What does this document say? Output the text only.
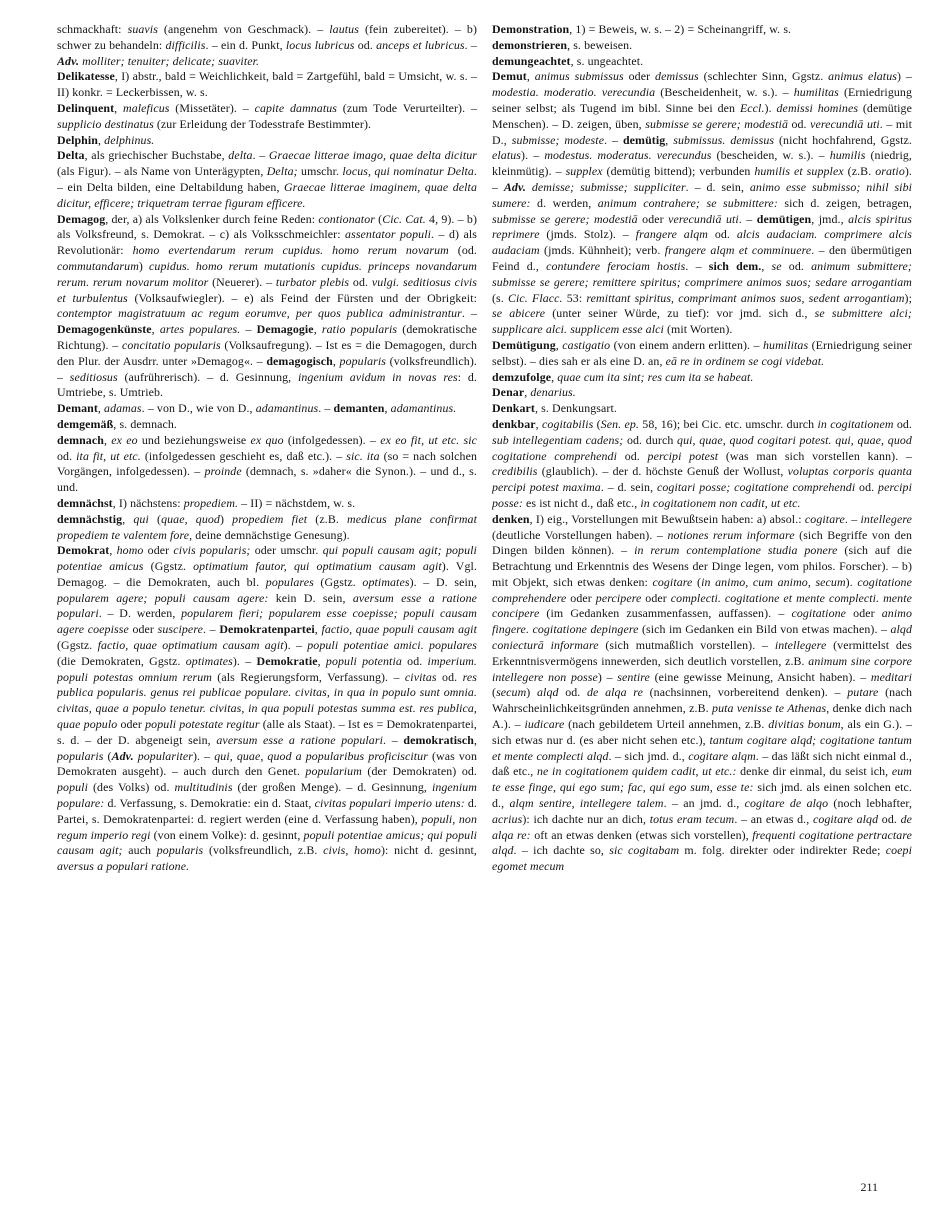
schmackhaft: suavis (angenehm von Geschmack). – lautus (fein zubereitet). – b) schwer zu behandeln: difficilis. – ein d. Punkt, locus lubricus od. anceps et lubricus. – Adv. molliter; tenuiter; delicate; suaviter.

Delikatesse, I) abstr., bald = Weichlichkeit, bald = Zartgefühl, bald = Umsicht, w. s. – II) konkr. = Leckerbissen, w. s.

Delinquent, maleficus (Missetäter). – capite damnatus (zum Tode Verurteilter). – supplicio destinatus (zur Erleidung der Todesstrafe Bestimmter).

Delphin, delphinus.

Delta, als griechischer Buchstabe, delta. – Graecae litterae imago, quae delta dicitur (als Figur). – als Name von Unterägypten, Delta; umschr. locus, qui nominatur Delta. – ein Delta bilden, eine Deltabildung haben, Graecae litterae imaginem, quae delta dicitur, efficere; triquetram terrae figuram efficere.

Demagog, der, a) als Volkslenker durch feine Reden: contionator (Cic. Cat. 4, 9). – b) als Volksfreund, s. Demokrat. – c) als Volksschmeichler: assentator populi. – d) als Revolutionär: homo evertendarum rerum cupidus. homo rerum novarum (od. commutandarum) cupidus. homo rerum mutationis cupidus. princeps novandarum rerum. rerum novarum molitor (Neuerer). – turbator plebis od. vulgi. seditiosus civis et turbulentus (Volksaufwiegler). – e) als Feind der Fürsten und der Obrigkeit: contemptor magistratuum ac regum eorumve, per quos publica administrantur. – Demagogenkünste, artes populares. – Demagogie, ratio popularis (demokratische Richtung). – concitatio popularis (Volksaufregung). – Ist es = die Demagogen, durch den Plur. der Ausdrr. unter »Demagog«. – demagogisch, popularis (volksfreundlich). – seditiosus (aufrührerisch). – d. Gesinnung, ingenium avidum in novas res: d. Umtriebe, s. Umtrieb.

Demant, adamas. – von D., wie von D., adamantinus. – demanten, adamantinus.

demgemäß, s. demnach.

demnach, ex eo und beziehungsweise ex quo (infolgedessen). – ex eo fit, ut etc. sic od. ita fit, ut etc. (infolgedessen geschieht es, daß etc.). – sic. ita (so = nach solchen Vorgängen, infolgedessen). – proinde (demnach, s. »daher« die Synon.). – und d., s. und.

demnächst, I) nächstens: propediem. – II) = nächstdem, w. s.

demnächstig, qui (quae, quod) propediem fiet (z.B. medicus plane confirmat propediem te valentem fore, deine demnächstige Genesung).

Demokrat, homo oder civis popularis; oder umschr. qui populi causam agit; populi potentiae amicus (Ggstz. optimatium fautor, qui optimatium causam agit). Vgl. Demagog. – die Demokraten, auch bl. populares (Ggstz. optimates). – D. sein, popularem agere; populi causam agere: kein D. sein, aversum esse a ratione populari. – D. werden, popularem fieri; popularem esse coepisse; populi causam agere coepisse oder suscipere. – Demokratenpartei, factio, quae populi causam agit (Ggstz. factio, quae optimatium causam agit). – populi potentiae amici. populares (die Demokraten, Ggstz. optimates). – Demokratie, populi potentia od. imperium. populi potestas omnium rerum (als Regierungsform, Verfassung). – civitas od. res publica popularis. genus rei publicae populare. civitas, in qua in populo sunt omnia. civitas, quae a populo tenetur. civitas, in qua populi potestas summa est. res publica, quae populo oder populi potestate regitur (alle als Staat). – Ist es = Demokratenpartei, s. d. – der D. abgeneigt sein, aversum esse a ratione populari. – demokratisch, popularis (Adv. populariter). – qui, quae, quod a popularibus proficiscitur (was von Demokraten ausgeht). – auch durch den Genet. popularium (der Demokraten) od. populi (des Volks) od. multitudinis (der großen Menge). – d. Gesinnung, ingenium populare: d. Verfassung, s. Demokratie: ein d. Staat, civitas populari imperio utens: d. Partei, s. Demokratenpartei: d. regiert werden (eine d. Verfassung haben), populi, non regum imperio regi (von einem Volke): d. gesinnt, populi potentiae amicus; qui populi causam agit; auch popularis (volksfreundlich, z.B. civis, homo): nicht d. gesinnt, aversus a populari ratione.

Demonstration, 1) = Beweis, w. s. – 2) = Scheinangriff, w. s.

demonstrieren, s. beweisen.

demungeachtet, s. ungeachtet.

Demut, animus submissus oder demissus (schlechter Sinn, Ggstz. animus elatus) – modestia. moderatio. verecundia (Bescheidenheit, w. s.). – humilitas (Erniedrigung seiner selbst; als Tugend im bibl. Sinne bei den Eccl.). demissi homines (demütige Menschen). – D. zeigen, üben, submisse se gerere; modestiā od. verecundiā uti. – mit D., submisse; modeste. – demütig, submissus. demissus (nicht hochfahrend, Ggstz. elatus). – modestus. moderatus. verecundus (bescheiden, w. s.). – humilis (niedrig, kleinmütig). – supplex (demütig bittend); verbunden humilis et supplex (z.B. oratio). – Adv. demisse; submisse; suppliciter. – d. sein, animo esse submisso; nihil sibi sumere: d. werden, animum contrahere; se submittere: sich d. zeigen, betragen, submisse se gerere; modestiā oder verecundiā uti. – demütigen, jmd., alcis spiritus reprimere (jmds. Stolz). – frangere alqm od. alcis audaciam. comprimere alcis audaciam (jmds. Kühnheit); verb. frangere alqm et comminuere. – den übermütigen Feind d., contundere ferociam hostis. – sich dem., se od. animum submittere; submisse se gerere; remittere spiritus; comprimere animos suos; sedare arrogantiam (s. Cic. Flacc. 53: remittant spiritus, comprimant animos suos, sedent arrogantiam); se abicere (unter seiner Würde, zu tief): vor jmd. sich d., se submittere alci; supplicare alci. supplicem esse alci (mit Worten).

Demütigung, castigatio (von einem andern erlitten). – humilitas (Erniedrigung seiner selbst). – dies sah er als eine D. an, eā re in ordinem se cogi videbat.

demzufolge, quae cum ita sint; res cum ita se habeat.

Denar, denarius.

Denkart, s. Denkungsart.

denkbar, cogitabilis (Sen. ep. 58, 16); bei Cic. etc. umschr. durch in cogitationem od. sub intellegentiam cadens; od. durch qui, quae, quod cogitari potest. qui, quae, quod cogitatione comprehendi od. percipi potest (was man sich vorstellen kann). – credibilis (glaublich). – der d. höchste Genuß der Wollust, voluptas corporis quanta percipi potest maxima. – d. sein, cogitari posse; cogitatione comprehendi od. percipi posse: es ist nicht d., daß etc., in cogitationem non cadit, ut etc.

denken, I) eig., Vorstellungen mit Bewußtsein haben: a) absol.: cogitare. – intellegere (deutliche Vorstellungen haben). – notiones rerum informare (sich Begriffe von den Dingen bilden können). – in rerum contemplatione studia ponere (sich auf die Betrachtung und Erkenntnis des Wesens der Dinge legen, vom philos. Forscher). – b) mit Objekt, sich etwas denken: cogitare (in animo, cum animo, secum). cogitatione comprehendere oder percipere oder complecti. cogitatione et mente complecti. mente concipere (im Gedanken zusammenfassen, auffassen). – cogitatione oder animo fingere. cogitatione depingere (sich im Gedanken ein Bild von etwas machen). – alqd coniecturā informare (sich mutmaßlich vorstellen). – intellegere (vermittelst des Erkenntnisvermögens innewerden, sich deutlich vorstellen, z.B. animum sine corpore intellegere non posse) – sentire (eine gewisse Meinung, Ansicht haben). – meditari (secum) alqd od. de alqa re (nachsinnen, vorbereitend denken). – putare (nach Wahrscheinlichkeitsgründen annehmen, z.B. puta venisse te Athenas, denke dich nach A.). – iudicare (nach gebildetem Urteil annehmen, z.B. divitias bonum, als ein G.). – sich etwas nur d. (es aber nicht sehen etc.), tantum cogitare alqd; cogitatione tantum et mente complecti alqd. – sich jmd. d., cogitare alqm. – das läßt sich nicht einmal d., daß etc., ne in cogitationem quidem cadit, ut etc.: denke dir einmal, du seist ich, eum te esse finge, qui ego sum; fac, qui ego sum, esse te: sich jmd. als einen solchen etc. d., alqm sentire, intellegere talem. – an jmd. d., cogitare de alqo (noch lebhafter, acrius): ich dachte nur an dich, totus eram tecum. – an etwas d., cogitare alqd od. de alqa re: oft an etwas denken (etwas sich vorstellen), frequenti cogitatione pertractare alqd. – ich dachte so, sic cogitabam m. folg. direkter oder indirekter Rede; coepi egomet mecum

211
